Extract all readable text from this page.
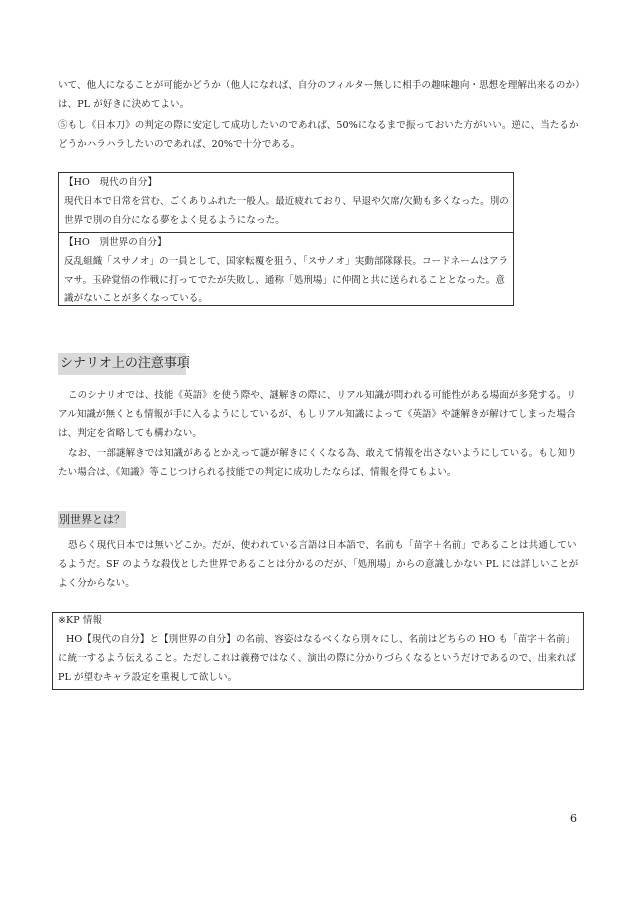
いて、他人になることが可能かどうか（他人になれば、自分のフィルター無しに相手の趣味趣向・思想を理解出来るのか）
は、PL が好きに決めてよい。
⑤もし《日本刀》の判定の際に安定して成功したいのであれば、50%になるまで振っておいた方がいい。逆に、当たるか
どうかハラハラしたいのであれば、20%で十分である。
【HO　現代の自分】
現代日本で日常を営む、ごくありふれた一般人。最近疲れており、早退や欠席/欠勤も多くなった。別の
世界で別の自分になる夢をよく見るようになった。
【HO　別世界の自分】
反乱組織「スサノオ」の一員として、国家転覆を狙う、「スサノオ」実動部隊隊長。コードネームはアラ
マサ。玉砕覚悟の作戦に打ってでたが失敗し、通称「処刑場」に仲間と共に送られることとなった。意
識がないことが多くなっている。
シナリオ上の注意事項
このシナリオでは、技能《英語》を使う際や、謎解きの際に、リアル知識が問われる可能性がある場面が多発する。リ
アル知識が無くとも情報が手に入るようにしているが、もしリアル知識によって《英語》や謎解きが解けてしまった場合
は、判定を省略しても構わない。
なお、一部謎解きでは知識があるとかえって謎が解きにくくなる為、敢えて情報を出さないようにしている。もし知り
たい場合は、《知識》等こじつけられる技能での判定に成功したならば、情報を得てもよい。
別世界とは？
恐らく現代日本では無いどこか。だが、使われている言語は日本語で、名前も「苗字＋名前」であることは共通してい
るようだ。SF のような殺伐とした世界であることは分かるのだが、「処刑場」からの意識しかない PL には詳しいことが
よく分からない。
※KP 情報
HO【現代の自分】と【別世界の自分】の名前、容姿はなるべくなら別々にし、名前はどちらの HO も「苗字＋名前」
に統一するよう伝えること。ただしこれは義務ではなく、演出の際に分かりづらくなるというだけであるので、出来れば
PL が望むキャラ設定を重視して欲しい。
6
